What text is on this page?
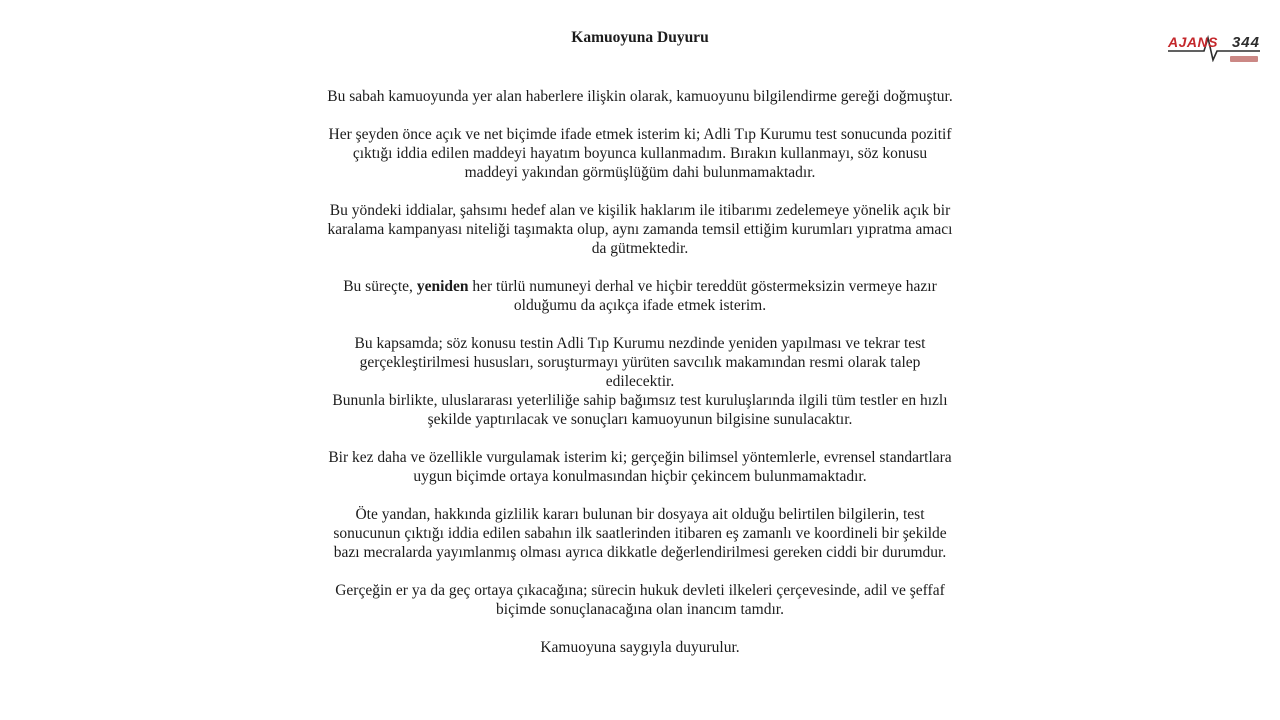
Kamuoyuna Duyuru

Bu sabah kamuoyunda yer alan haberlere ilişkin olarak, kamuoyunu bilgilendirme gereği doğmuştur.

Her şeyden önce açık ve net biçimde ifade etmek isterim ki; Adli Tıp Kurumu test sonucunda pozitif çıktığı iddia edilen maddeyi hayatım boyunca kullanmadım. Bırakın kullanmayı, söz konusu maddeyi yakından görmüşlüğüm dahi bulunmamaktadır.

Bu yöndeki iddialar, şahsımı hedef alan ve kişilik haklarım ile itibarımı zedelemeye yönelik açık bir karalama kampanyası niteliği taşımakta olup, aynı zamanda temsil ettiğim kurumları yıpratma amacı da gütmektedir.

Bu süreçte, yeniden her türlü numuneyi derhal ve hiçbir tereddüt göstermeksizin vermeye hazır olduğumu da açıkça ifade etmek isterim.

Bu kapsamda; söz konusu testin Adli Tıp Kurumu nezdinde yeniden yapılması ve tekrar test gerçekleştirilmesi hususları, soruşturmayı yürüten savcılık makamından resmi olarak talep edilecektir.
Bununla birlikte, uluslararası yeterliliğe sahip bağımsız test kuruluşlarında ilgili tüm testler en hızlı şekilde yaptırılacak ve sonuçları kamuoyunun bilgisine sunulacaktır.

Bir kez daha ve özellikle vurgulamak isterim ki; gerçeğin bilimsel yöntemlerle, evrensel standartlara uygun biçimde ortaya konulmasından hiçbir çekincem bulunmamaktadır.

Öte yandan, hakkında gizlilik kararı bulunan bir dosyaya ait olduğu belirtilen bilgilerin, test sonucunun çıktığı iddia edilen sabahın ilk saatlerinden itibaren eş zamanlı ve koordineli bir şekilde bazı mecralarda yayımlanmış olması ayrıca dikkatle değerlendirilmesi gereken ciddi bir durumdur.

Gerçeğin er ya da geç ortaya çıkacağına; sürecin hukuk devleti ilkeleri çerçevesinde, adil ve şeffaf biçimde sonuçlanacağına olan inancım tamdır.

Kamuoyuna saygıyla duyurulur.

AJANS 344
